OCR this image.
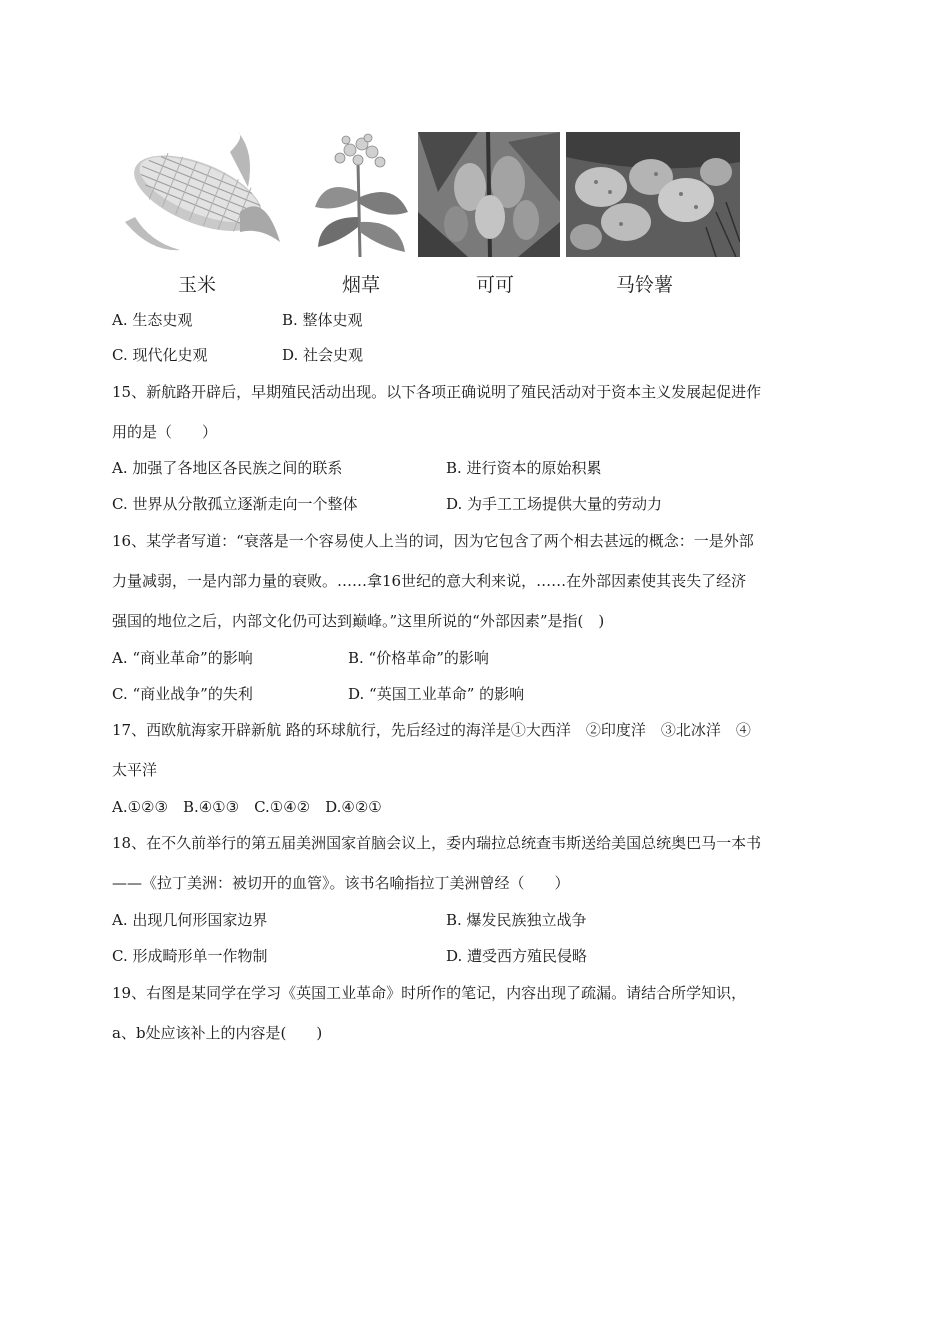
玉米	烟草	可可	马铃薯
A. 生态史观	B. 整体史观
C. 现代化史观	D. 社会史观
15、新航路开辟后，早期殖民活动出现。以下各项正确说明了殖民活动对于资本主义发展起促进作
用的是（　　）
A. 加强了各地区各民族之间的联系	B. 进行资本的原始积累
C. 世界从分散孤立逐渐走向一个整体	D. 为手工工场提供大量的劳动力
16、某学者写道：“衰落是一个容易使人上当的词，因为它包含了两个相去甚远的概念：一是外部
力量减弱，一是内部力量的衰败。……拿16世纪的意大利来说，……在外部因素使其丧失了经济
强国的地位之后，内部文化仍可达到巅峰。”这里所说的“外部因素”是指(　)
A. “商业革命”的影响	B. “价格革命”的影响
C. “商业战争”的失利	D. “英国工业革命” 的影响
17、西欧航海家开辟新航 路的环球航行，先后经过的海洋是①大西洋　②印度洋　③北冰洋　④
太平洋
A.①②③　B.④①③　C.①④②　D.④②①
18、在不久前举行的第五届美洲国家首脑会议上，委内瑞拉总统查韦斯送给美国总统奥巴马一本书
——《拉丁美洲：被切开的血管》。该书名喻指拉丁美洲曾经（　　）
A. 出现几何形国家边界	B. 爆发民族独立战争
C. 形成畸形单一作物制	D. 遭受西方殖民侵略
19、右图是某同学在学习《英国工业革命》时所作的笔记，内容出现了疏漏。请结合所学知识，
a、b处应该补上的内容是(　　)
